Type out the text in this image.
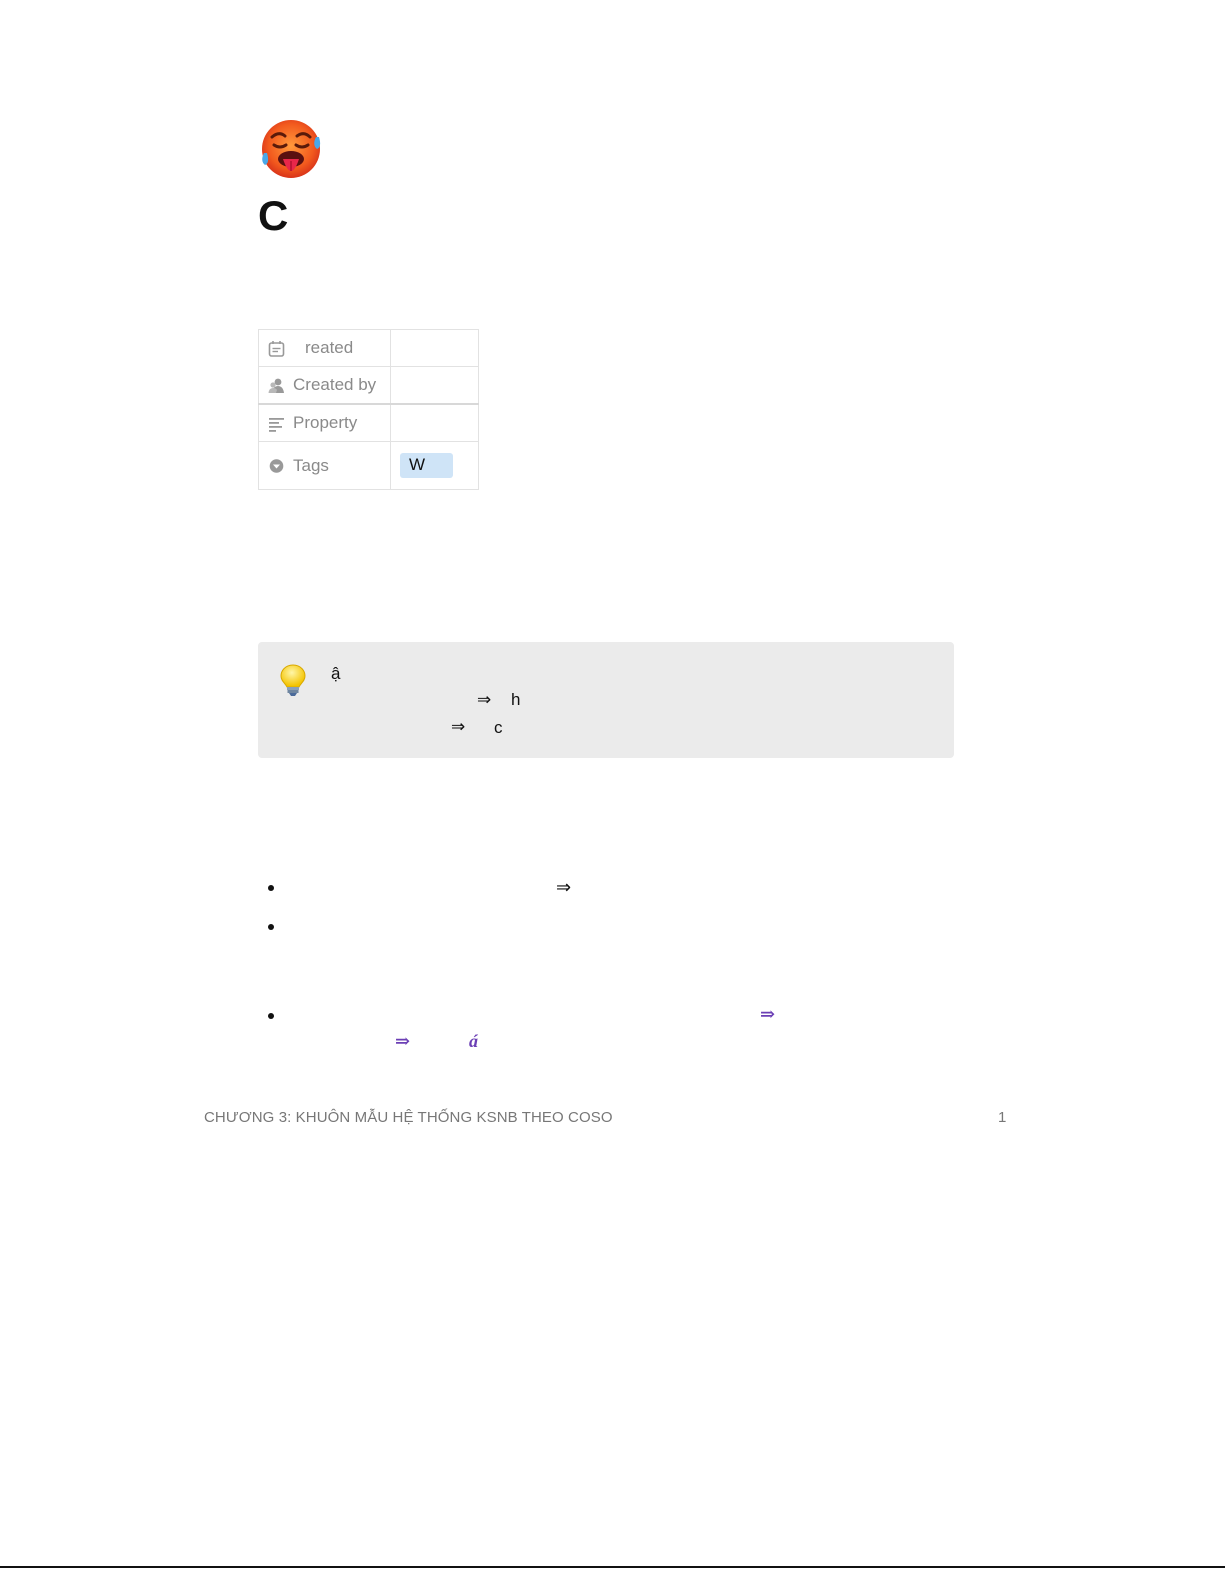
C
reated	

Created by	

Property	

Tags	W
ậ
⇒ h
⇒ c
⇒
⇒
⇒	á
CHƯƠNG 3: KHUÔN MẪU HỆ THỐNG KSNB THEO COSO	1
